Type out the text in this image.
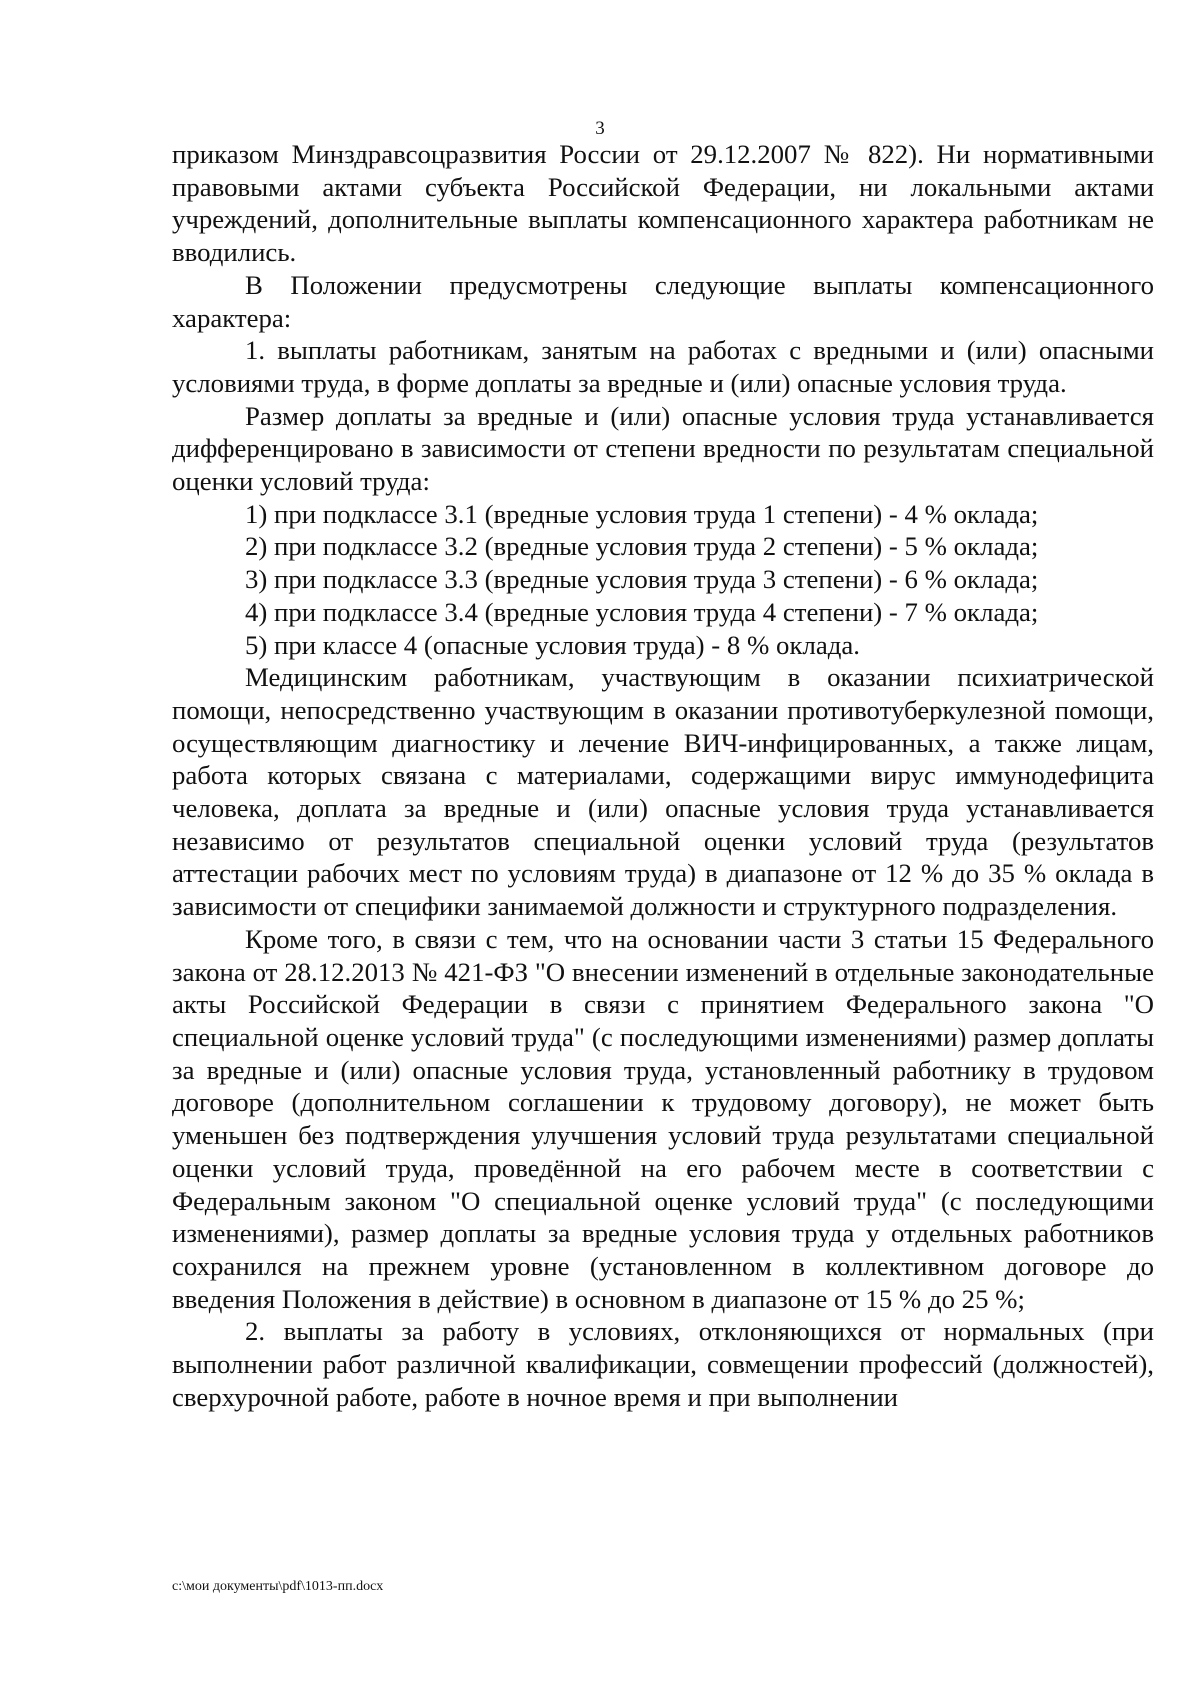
3

приказом Минздравсоцразвития России от 29.12.2007 № 822). Ни нормативными правовыми актами субъекта Российской Федерации, ни локальными актами учреждений, дополнительные выплаты компенсационного характера работникам не вводились.

В Положении предусмотрены следующие выплаты компенсационного характера:

1. выплаты работникам, занятым на работах с вредными и (или) опасными условиями труда, в форме доплаты за вредные и (или) опасные условия труда.

Размер доплаты за вредные и (или) опасные условия труда устанавливается дифференцировано в зависимости от степени вредности по результатам специальной оценки условий труда:

1) при подклассе 3.1 (вредные условия труда 1 степени) - 4 % оклада;

2) при подклассе 3.2 (вредные условия труда 2 степени) - 5 % оклада;

3) при подклассе 3.3 (вредные условия труда 3 степени) - 6 % оклада;

4) при подклассе 3.4 (вредные условия труда 4 степени) - 7 % оклада;

5) при классе 4 (опасные условия труда) - 8 % оклада.

Медицинским работникам, участвующим в оказании психиатрической помощи, непосредственно участвующим в оказании противотуберкулезной помощи, осуществляющим диагностику и лечение ВИЧ-инфицированных, а также лицам, работа которых связана с материалами, содержащими вирус иммунодефицита человека, доплата за вредные и (или) опасные условия труда устанавливается независимо от результатов специальной оценки условий труда (результатов аттестации рабочих мест по условиям труда) в диапазоне от 12 % до 35 % оклада в зависимости от специфики занимаемой должности и структурного подразделения.

Кроме того, в связи с тем, что на основании части 3 статьи 15 Федерального закона от 28.12.2013 № 421-ФЗ "О внесении изменений в отдельные законодательные акты Российской Федерации в связи с принятием Федерального закона "О специальной оценке условий труда" (с последующими изменениями) размер доплаты за вредные и (или) опасные условия труда, установленный работнику в трудовом договоре (дополнительном соглашении к трудовому договору), не может быть уменьшен без подтверждения улучшения условий труда результатами специальной оценки условий труда, проведённой на его рабочем месте в соответствии с Федеральным законом "О специальной оценке условий труда" (с последующими изменениями), размер доплаты за вредные условия труда у отдельных работников сохранился на прежнем уровне (установленном в коллективном договоре до введения Положения в действие) в основном в диапазоне от 15 % до 25 %;

2. выплаты за работу в условиях, отклоняющихся от нормальных (при выполнении работ различной квалификации, совмещении профессий (должностей), сверхурочной работе, работе в ночное время и при выполнении

c:\мои документы\pdf\1013-пп.docx
